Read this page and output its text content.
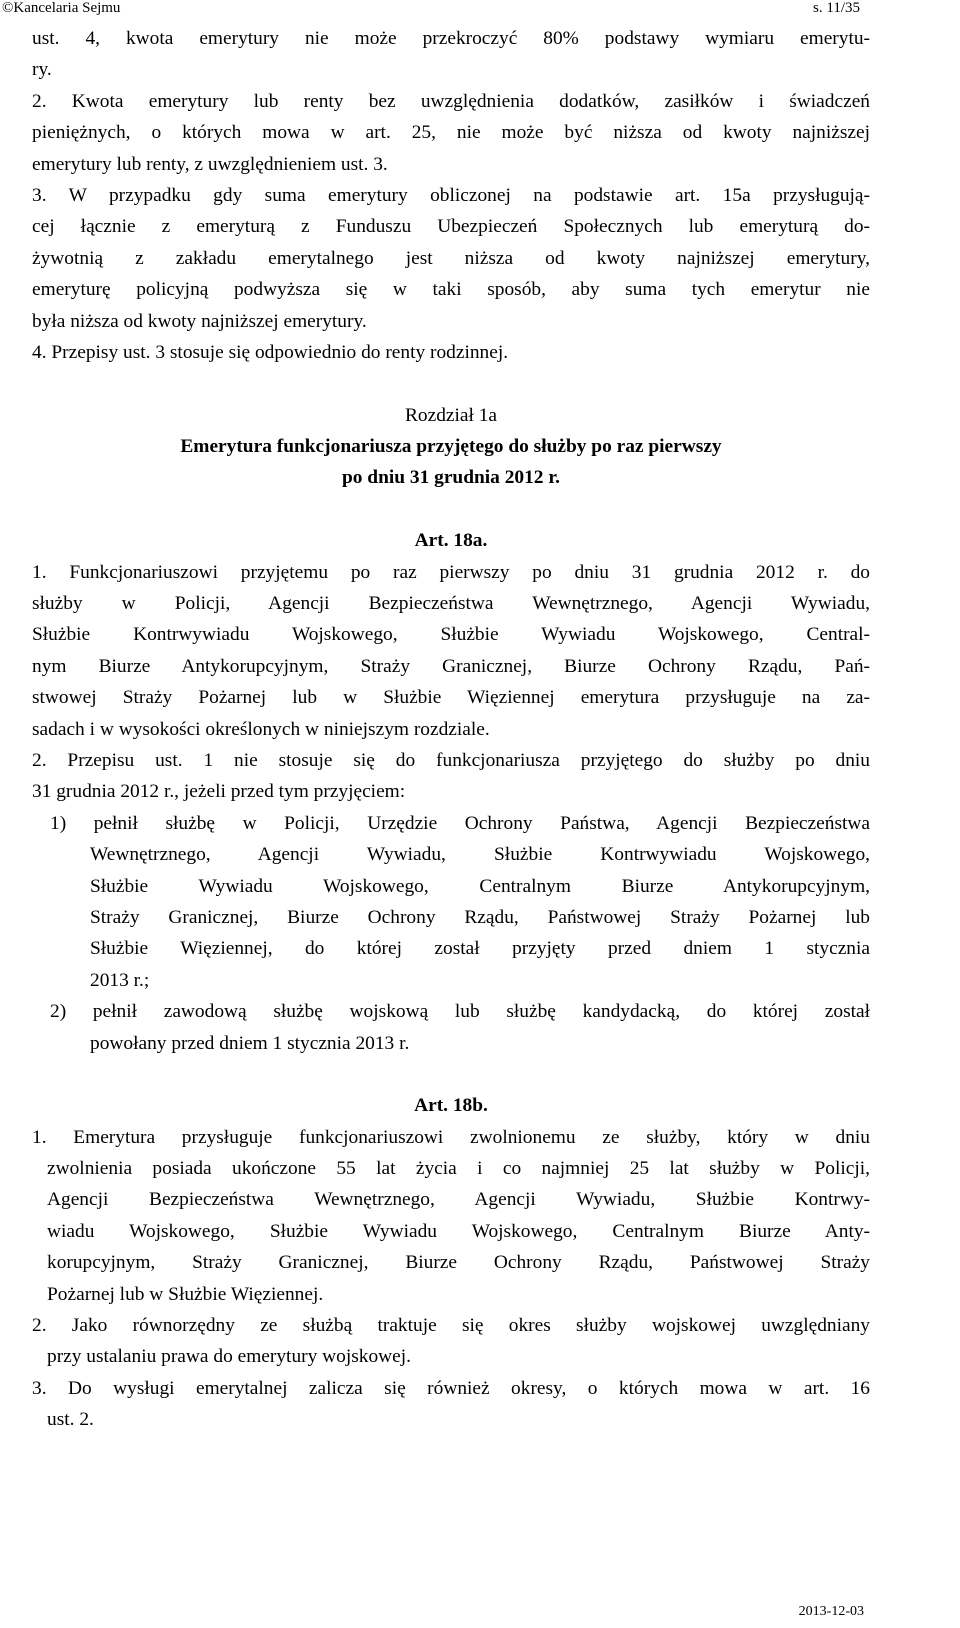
©Kancelaria Sejmu	s. 11/35
ust. 4, kwota emerytury nie może przekroczyć 80% podstawy wymiaru emerytu-
ry.
2. Kwota emerytury lub renty bez uwzględnienia dodatków, zasiłków i świadczeń
pieniężnych, o których mowa w art. 25, nie może być niższa od kwoty najniższej
emerytury lub renty, z uwzględnieniem ust. 3.
3. W przypadku gdy suma emerytury obliczonej na podstawie art. 15a przysługują-
cej łącznie z emeryturą z Funduszu Ubezpieczeń Społecznych lub emeryturą do-
żywotnią z zakładu emerytalnego jest niższa od kwoty najniższej emerytury,
emeryturę policyjną podwyższa się w taki sposób, aby suma tych emerytur nie
była niższa od kwoty najniższej emerytury.
4. Przepisy ust. 3 stosuje się odpowiednio do renty rodzinnej.
Rozdział 1a
Emerytura funkcjonariusza przyjętego do służby po raz pierwszy
po dniu 31 grudnia 2012 r.
Art. 18a.
1. Funkcjonariuszowi przyjętemu po raz pierwszy po dniu 31 grudnia 2012 r. do
służby w Policji, Agencji Bezpieczeństwa Wewnętrznego, Agencji Wywiadu,
Służbie Kontrwywiadu Wojskowego, Służbie Wywiadu Wojskowego, Central-
nym Biurze Antykorupcyjnym, Straży Granicznej, Biurze Ochrony Rządu, Pań-
stwowej Straży Pożarnej lub w Służbie Więziennej emerytura przysługuje na za-
sadach i w wysokości określonych w niniejszym rozdziale.
2. Przepisu ust. 1 nie stosuje się do funkcjonariusza przyjętego do służby po dniu
31 grudnia 2012 r., jeżeli przed tym przyjęciem:
1) pełnił służbę w Policji, Urzędzie Ochrony Państwa, Agencji Bezpieczeństwa
Wewnętrznego, Agencji Wywiadu, Służbie Kontrwywiadu Wojskowego,
Służbie Wywiadu Wojskowego, Centralnym Biurze Antykorupcyjnym,
Straży Granicznej, Biurze Ochrony Rządu, Państwowej Straży Pożarnej lub
Służbie Więziennej, do której został przyjęty przed dniem 1 stycznia
2013 r.;
2) pełnił zawodową służbę wojskową lub służbę kandydacką, do której został
powołany przed dniem 1 stycznia 2013 r.
Art. 18b.
1. Emerytura przysługuje funkcjonariuszowi zwolnionemu ze służby, który w dniu
zwolnienia posiada ukończone 55 lat życia i co najmniej 25 lat służby w Policji,
Agencji Bezpieczeństwa Wewnętrznego, Agencji Wywiadu, Służbie Kontrwy-
wiadu Wojskowego, Służbie Wywiadu Wojskowego, Centralnym Biurze Anty-
korupcyjnym, Straży Granicznej, Biurze Ochrony Rządu, Państwowej Straży
Pożarnej lub w Służbie Więziennej.
2. Jako równorzędny ze służbą traktuje się okres służby wojskowej uwzględniany
przy ustalaniu prawa do emerytury wojskowej.
3. Do wysługi emerytalnej zalicza się również okresy, o których mowa w art. 16
ust. 2.
2013-12-03
